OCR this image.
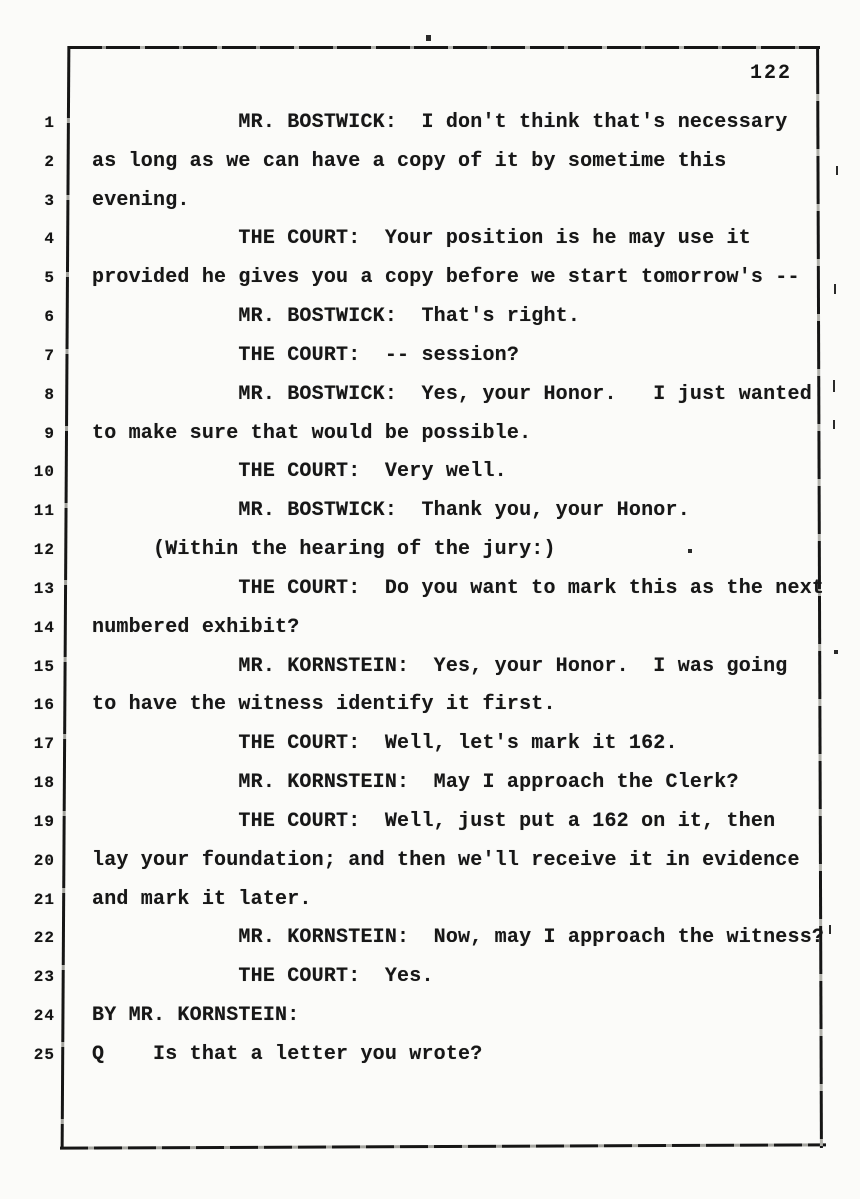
122
1	MR. BOSTWICK:  I don't think that's necessary
2	as long as we can have a copy of it by sometime this
3	evening.
4	THE COURT:  Your position is he may use it
5	provided he gives you a copy before we start tomorrow's --
6	MR. BOSTWICK:  That's right.
7	THE COURT:  -- session?
8	MR. BOSTWICK:  Yes, your Honor.   I just wanted
9	to make sure that would be possible.
10	THE COURT:  Very well.
11	MR. BOSTWICK:  Thank you, your Honor.
12	(Within the hearing of the jury:)
13	THE COURT:  Do you want to mark this as the next
14	numbered exhibit?
15	MR. KORNSTEIN:  Yes, your Honor.  I was going
16	to have the witness identify it first.
17	THE COURT:  Well, let's mark it 162.
18	MR. KORNSTEIN:  May I approach the Clerk?
19	THE COURT:  Well, just put a 162 on it, then
20	lay your foundation; and then we'll receive it in evidence
21	and mark it later.
22	MR. KORNSTEIN:  Now, may I approach the witness?
23	THE COURT:  Yes.
24	BY MR. KORNSTEIN:
25	Q    Is that a letter you wrote?
